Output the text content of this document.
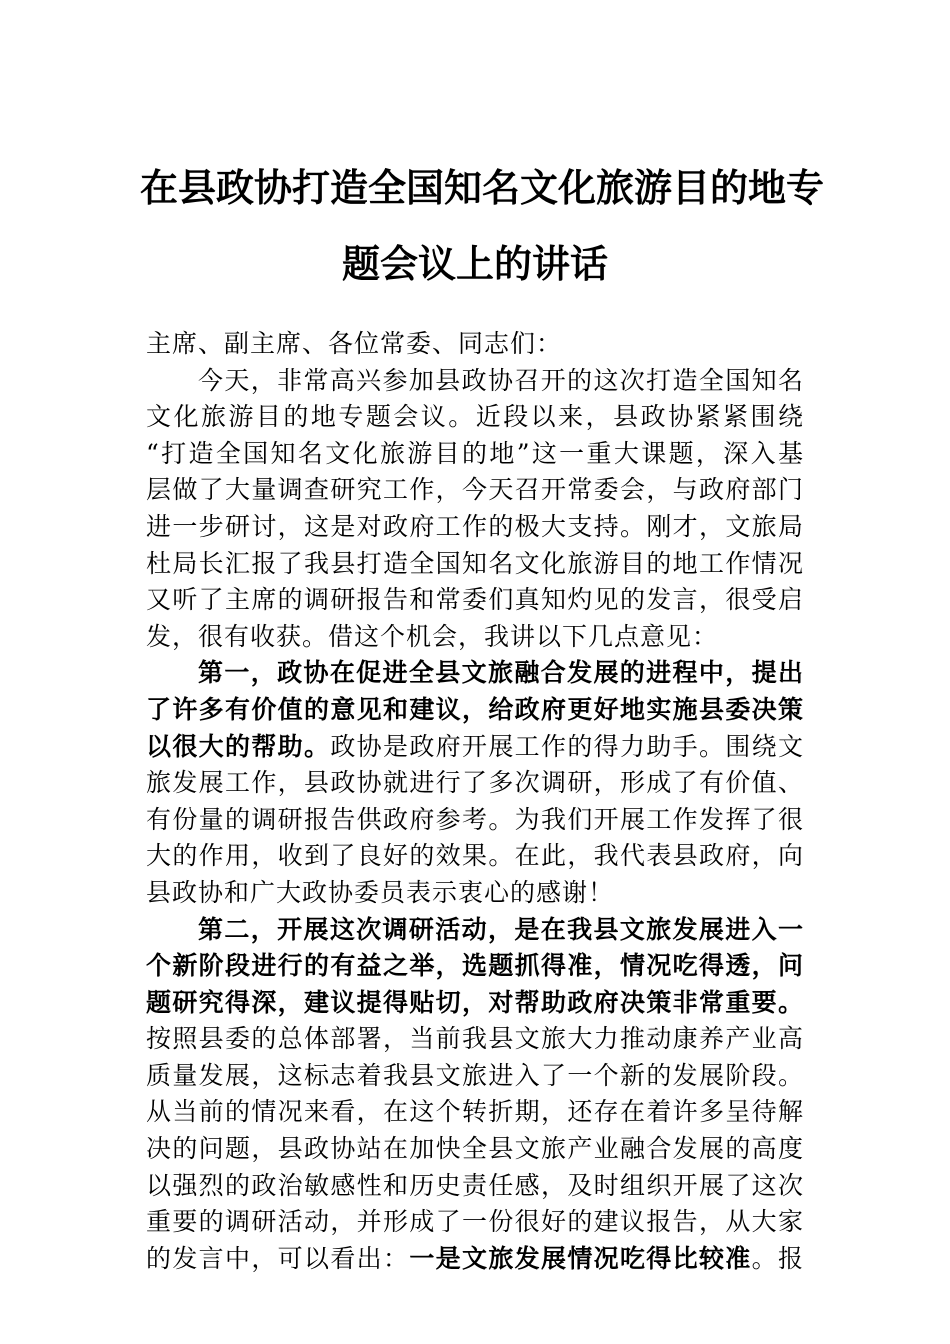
在县政协打造全国知名文化旅游目的地专
题会议上的讲话

主席、副主席、各位常委、同志们：

今天，非常高兴参加县政协召开的这次打造全国知名
文化旅游目的地专题会议。近段以来，县政协紧紧围绕
“打造全国知名文化旅游目的地”这一重大课题，深入基
层做了大量调查研究工作，今天召开常委会，与政府部门
进一步研讨，这是对政府工作的极大支持。刚才，文旅局
杜局长汇报了我县打造全国知名文化旅游目的地工作情况
又听了主席的调研报告和常委们真知灼见的发言，很受启
发，很有收获。借这个机会，我讲以下几点意见：

第一，政协在促进全县文旅融合发展的进程中，提出
了许多有价值的意见和建议，给政府更好地实施县委决策
以很大的帮助。政协是政府开展工作的得力助手。围绕文
旅发展工作，县政协就进行了多次调研，形成了有价值、
有份量的调研报告供政府参考。为我们开展工作发挥了很
大的作用，收到了良好的效果。在此，我代表县政府，向
县政协和广大政协委员表示衷心的感谢！

第二，开展这次调研活动，是在我县文旅发展进入一
个新阶段进行的有益之举，选题抓得准，情况吃得透，问
题研究得深，建议提得贴切，对帮助政府决策非常重要。
按照县委的总体部署，当前我县文旅大力推动康养产业高
质量发展，这标志着我县文旅进入了一个新的发展阶段。
从当前的情况来看，在这个转折期，还存在着许多呈待解
决的问题，县政协站在加快全县文旅产业融合发展的高度
以强烈的政治敏感性和历史责任感，及时组织开展了这次
重要的调研活动，并形成了一份很好的建议报告，从大家
的发言中，可以看出：一是文旅发展情况吃得比较准。报
